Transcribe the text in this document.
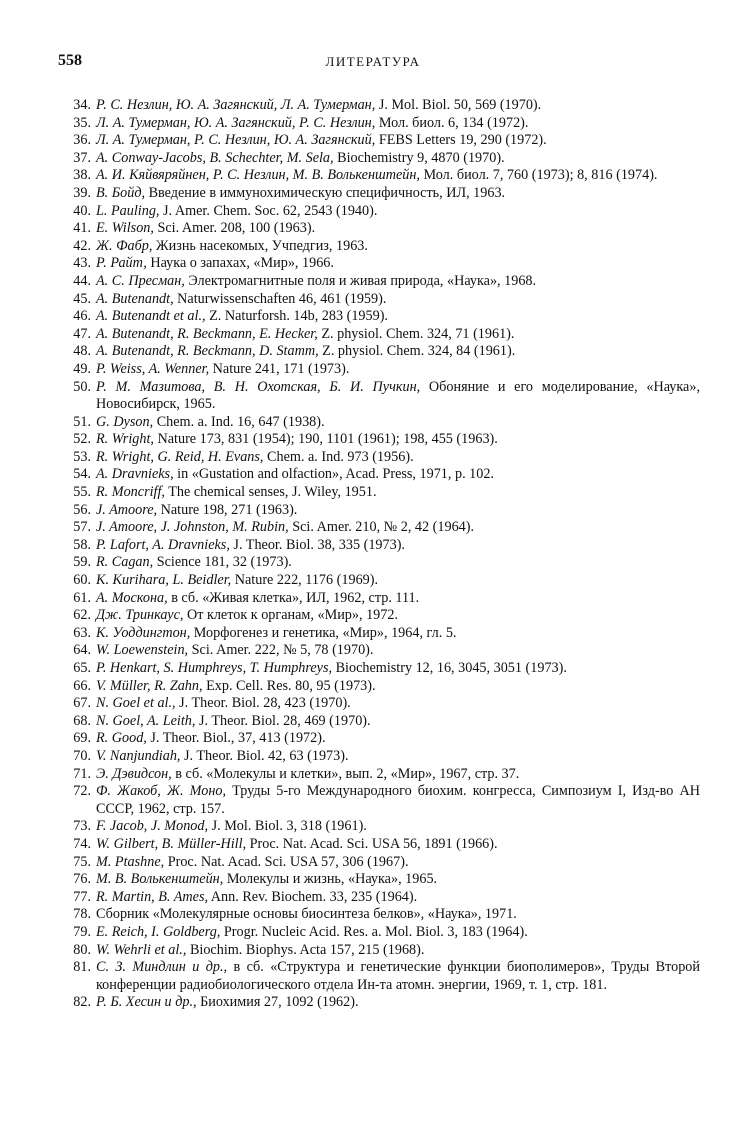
558	ЛИТЕРАТУРА
34. Р. С. Незлин, Ю. А. Загянский, Л. А. Тумерман, J. Mol. Biol. 50, 569 (1970).
35. Л. А. Тумерман, Ю. А. Загянский, Р. С. Незлин, Мол. биол. 6, 134 (1972).
36. Л. А. Тумерман, Р. С. Незлин, Ю. А. Загянский, FEBS Letters 19, 290 (1972).
37. A. Conway-Jacobs, B. Schechter, M. Sela, Biochemistry 9, 4870 (1970).
38. А. И. Кяйвяряйнен, Р. С. Незлин, М. В. Волькенштейн, Мол. биол. 7, 760 (1973); 8, 816 (1974).
39. В. Бойд, Введение в иммунохимическую специфичность, ИЛ, 1963.
40. L. Pauling, J. Amer. Chem. Soc. 62, 2543 (1940).
41. E. Wilson, Sci. Amer. 208, 100 (1963).
42. Ж. Фабр, Жизнь насекомых, Учпедгиз, 1963.
43. Р. Райт, Наука о запахах, «Мир», 1966.
44. А. С. Пресман, Электромагнитные поля и живая природа, «Наука», 1968.
45. A. Butenandt, Naturwissenschaften 46, 461 (1959).
46. A. Butenandt et al., Z. Naturforsh. 14b, 283 (1959).
47. A. Butenandt, R. Beckmann, E. Hecker, Z. physiol. Chem. 324, 71 (1961).
48. A. Butenandt, R. Beckmann, D. Stamm, Z. physiol. Chem. 324, 84 (1961).
49. P. Weiss, A. Wenner, Nature 241, 171 (1973).
50. Р. М. Мазитова, В. Н. Охотская, Б. И. Пучкин, Обоняние и его моделирование, «Наука», Новосибирск, 1965.
51. G. Dyson, Chem. a. Ind. 16, 647 (1938).
52. R. Wright, Nature 173, 831 (1954); 190, 1101 (1961); 198, 455 (1963).
53. R. Wright, G. Reid, H. Evans, Chem. a. Ind. 973 (1956).
54. A. Dravnieks, in «Gustation and olfaction», Acad. Press, 1971, p. 102.
55. R. Moncriff, The chemical senses, J. Wiley, 1951.
56. J. Amoore, Nature 198, 271 (1963).
57. J. Amoore, J. Johnston, M. Rubin, Sci. Amer. 210, № 2, 42 (1964).
58. P. Lafort, A. Dravnieks, J. Theor. Biol. 38, 335 (1973).
59. R. Cagan, Science 181, 32 (1973).
60. K. Kurihara, L. Beidler, Nature 222, 1176 (1969).
61. А. Москона, в сб. «Живая клетка», ИЛ, 1962, стр. 111.
62. Дж. Тринкаус, От клеток к органам, «Мир», 1972.
63. К. Уоддингтон, Морфогенез и генетика, «Мир», 1964, гл. 5.
64. W. Loewenstein, Sci. Amer. 222, № 5, 78 (1970).
65. P. Henkart, S. Humphreys, T. Humphreys, Biochemistry 12, 16, 3045, 3051 (1973).
66. V. Müller, R. Zahn, Exp. Cell. Res. 80, 95 (1973).
67. N. Goel et al., J. Theor. Biol. 28, 423 (1970).
68. N. Goel, A. Leith, J. Theor. Biol. 28, 469 (1970).
69. R. Good, J. Theor. Biol., 37, 413 (1972).
70. V. Nanjundiah, J. Theor. Biol. 42, 63 (1973).
71. Э. Дэвидсон, в сб. «Молекулы и клетки», вып. 2, «Мир», 1967, стр. 37.
72. Ф. Жакоб, Ж. Моно, Труды 5-го Международного биохим. конгресса, Симпозиум I, Изд-во АН СССР, 1962, стр. 157.
73. F. Jacob, J. Monod, J. Mol. Biol. 3, 318 (1961).
74. W. Gilbert, B. Müller-Hill, Proc. Nat. Acad. Sci. USA 56, 1891 (1966).
75. M. Ptashne, Proc. Nat. Acad. Sci. USA 57, 306 (1967).
76. М. В. Волькенштейн, Молекулы и жизнь, «Наука», 1965.
77. R. Martin, B. Ames, Ann. Rev. Biochem. 33, 235 (1964).
78. Сборник «Молекулярные основы биосинтеза белков», «Наука», 1971.
79. E. Reich, I. Goldberg, Progr. Nucleic Acid. Res. a. Mol. Biol. 3, 183 (1964).
80. W. Wehrli et al., Biochim. Biophys. Acta 157, 215 (1968).
81. С. З. Миндлин и др., в сб. «Структура и генетические функции биополимеров», Труды Второй конференции радиобиологического отдела Ин-та атомн. энергии, 1969, т. 1, стр. 181.
82. Р. Б. Хесин и др., Биохимия 27, 1092 (1962).
